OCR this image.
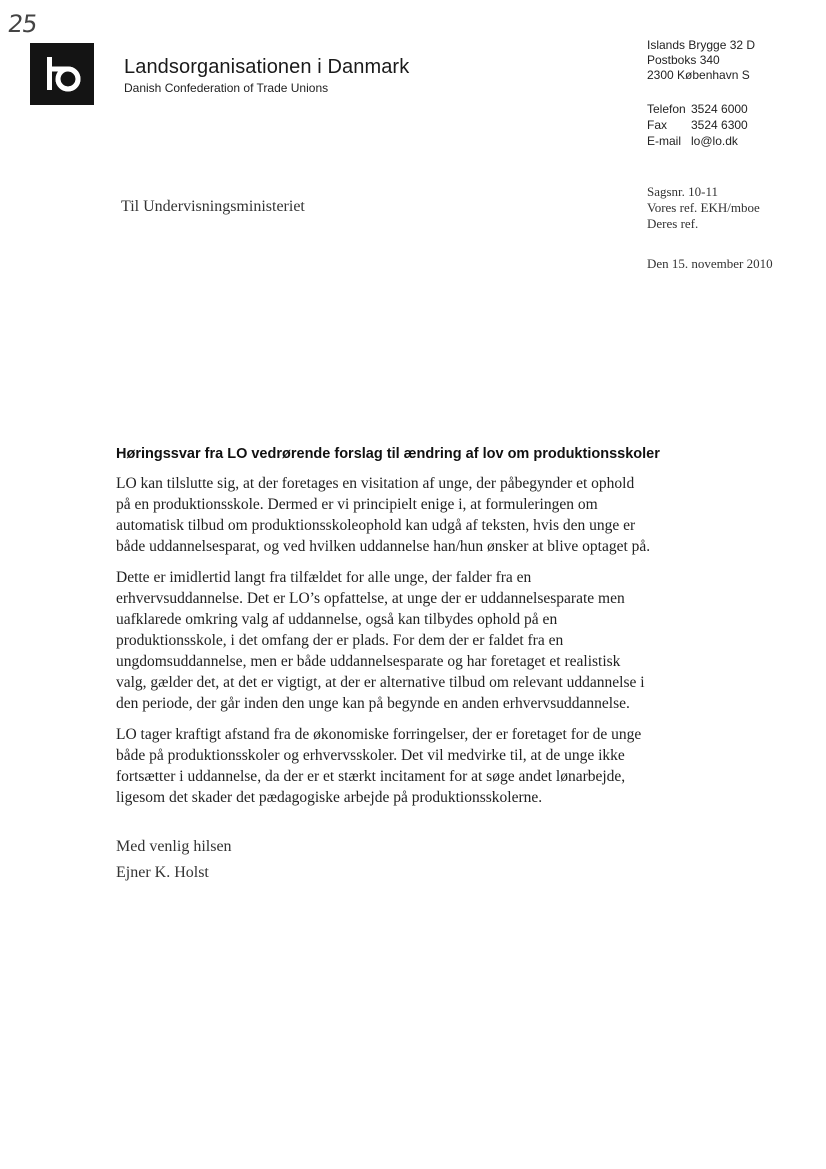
25
Landsorganisationen i Danmark
Danish Confederation of Trade Unions
Islands Brygge 32 D
Postboks 340
2300 København S
Telefon 3524 6000
Fax 3524 6300
E-mail lo@lo.dk
Til Undervisningsministeriet
Sagsnr. 10-11
Vores ref. EKH/mboe
Deres ref.
Den 15. november 2010
Høringssvar fra LO vedrørende forslag til ændring af lov om produktionsskoler

LO kan tilslutte sig, at der foretages en visitation af unge, der påbegynder et ophold
på en produktionsskole. Dermed er vi principielt enige i, at formuleringen om
automatisk tilbud om produktionsskoleophold kan udgå af teksten, hvis den unge er
både uddannelsesparat, og ved hvilken uddannelse han/hun ønsker at blive optaget på.

Dette er imidlertid langt fra tilfældet for alle unge, der falder fra en
erhvervsuddannelse. Det er LO’s opfattelse, at unge der er uddannelsesparate men
uafklarede omkring valg af uddannelse, også kan tilbydes ophold på en
produktionsskole, i det omfang der er plads. For dem der er faldet fra en
ungdomsuddannelse, men er både uddannelsesparate og har foretaget et realistisk
valg, gælder det, at det er vigtigt, at der er alternative tilbud om relevant uddannelse i
den periode, der går inden den unge kan på begynde en anden erhvervsuddannelse.

LO tager kraftigt afstand fra de økonomiske forringelser, der er foretaget for de unge
både på produktionsskoler og erhvervsskoler. Det vil medvirke til, at de unge ikke
fortsætter i uddannelse, da der er et stærkt incitament for at søge andet lønarbejde,
ligesom det skader det pædagogiske arbejde på produktionsskolerne.

Med venlig hilsen
Ejner K. Holst
